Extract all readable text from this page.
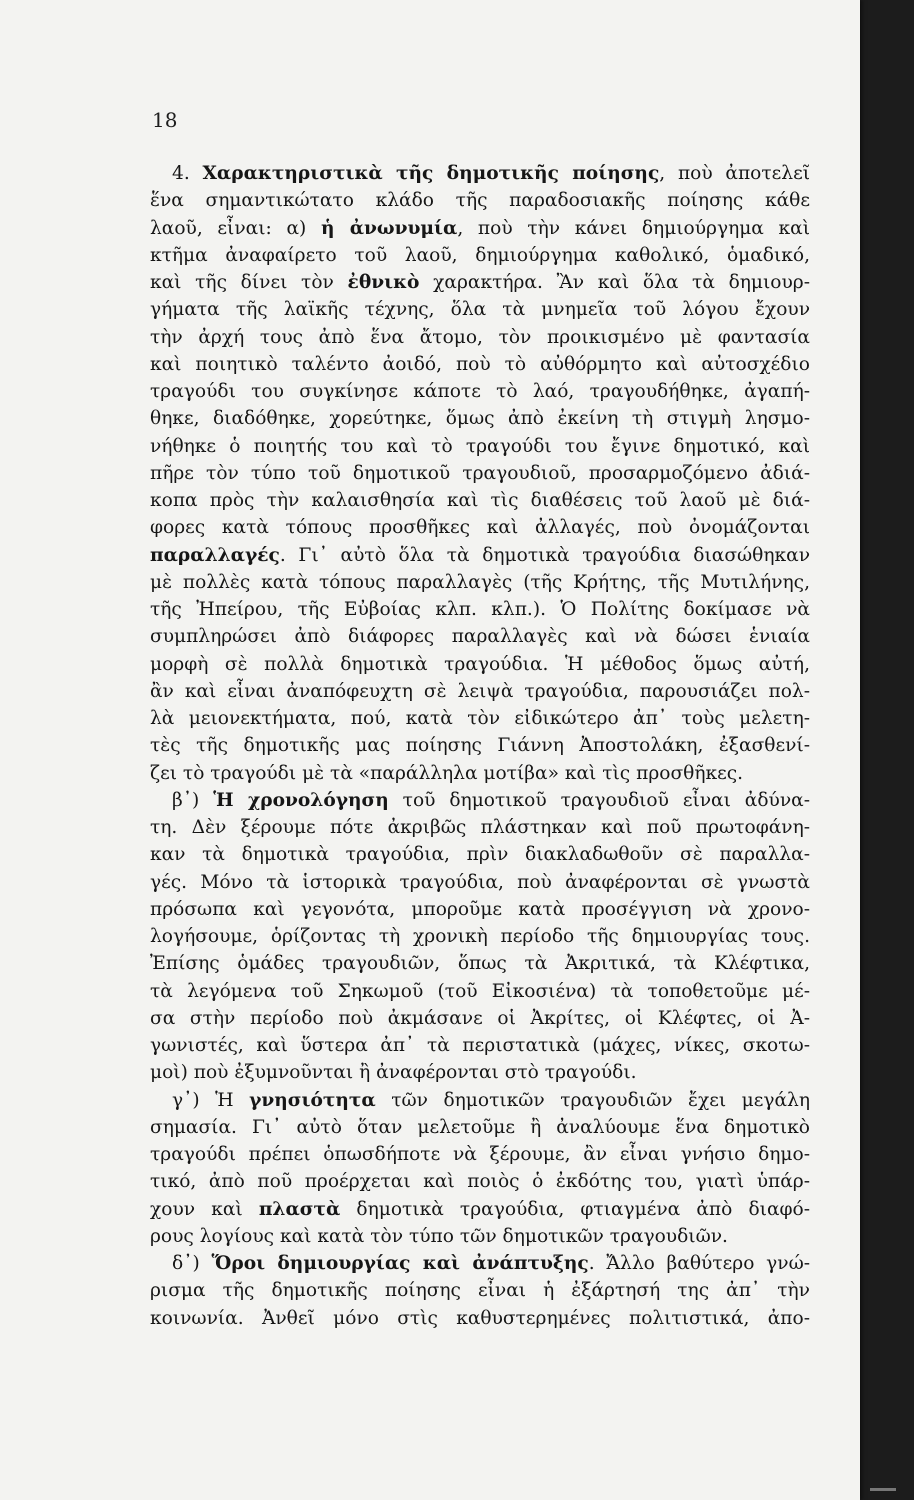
18
4. Χαρακτηριστικὰ τῆς δημοτικῆς ποίησης, ποὺ ἀποτελεῖ
ἕνα σημαντικώτατο κλάδο τῆς παραδοσιακῆς ποίησης κάθε
λαοῦ, εἶναι: α) ἡ ἀνωνυμία, ποὺ τὴν κάνει δημιούργημα καὶ
κτῆμα ἀναφαίρετο τοῦ λαοῦ, δημιούργημα καθολικό, ὁμαδικό,
καὶ τῆς δίνει τὸν ἐθνικὸ χαρακτήρα. Ἂν καὶ ὅλα τὰ δημιουρ-
γήματα τῆς λαϊκῆς τέχνης, ὅλα τὰ μνημεῖα τοῦ λόγου ἔχουν
τὴν ἀρχή τους ἀπὸ ἕνα ἄτομο, τὸν προικισμένο μὲ φαντασία
καὶ ποιητικὸ ταλέντο ἀοιδό, ποὺ τὸ αὐθόρμητο καὶ αὐτοσχέδιο
τραγούδι του συγκίνησε κάποτε τὸ λαό, τραγουδήθηκε, ἀγαπή-
θηκε, διαδόθηκε, χορεύτηκε, ὅμως ἀπὸ ἐκείνη τὴ στιγμὴ λησμο-
νήθηκε ὁ ποιητής του καὶ τὸ τραγούδι του ἔγινε δημοτικό, καὶ
πῆρε τὸν τύπο τοῦ δημοτικοῦ τραγουδιοῦ, προσαρμοζόμενο ἀδιά-
κοπα πρὸς τὴν καλαισθησία καὶ τὶς διαθέσεις τοῦ λαοῦ μὲ διά-
φορες κατὰ τόπους προσθῆκες καὶ ἀλλαγές, ποὺ ὀνομάζονται
παραλλαγές. Γι᾿ αὐτὸ ὅλα τὰ δημοτικὰ τραγούδια διασώθηκαν
μὲ πολλὲς κατὰ τόπους παραλλαγὲς (τῆς Κρήτης, τῆς Μυτιλήνης,
τῆς Ἠπείρου, τῆς Εὐβοίας κλπ. κλπ.). Ὁ Πολίτης δοκίμασε νὰ
συμπληρώσει ἀπὸ διάφορες παραλλαγὲς καὶ νὰ δώσει ἑνιαία
μορφὴ σὲ πολλὰ δημοτικὰ τραγούδια. Ἡ μέθοδος ὅμως αὐτή,
ἂν καὶ εἶναι ἀναπόφευχτη σὲ λειψὰ τραγούδια, παρουσιάζει πολ-
λὰ μειονεκτήματα, πού, κατὰ τὸν εἰδικώτερο ἀπ᾿ τοὺς μελετη-
τὲς τῆς δημοτικῆς μας ποίησης Γιάννη Ἀποστολάκη, ἐξασθενί-
ζει τὸ τραγούδι μὲ τὰ «παράλληλα μοτίβα» καὶ τὶς προσθῆκες.
β᾿) Ἡ χρονολόγηση τοῦ δημοτικοῦ τραγουδιοῦ εἶναι ἀδύνα-
τη. Δὲν ξέρουμε πότε ἀκριβῶς πλάστηκαν καὶ ποῦ πρωτοφάνη-
καν τὰ δημοτικὰ τραγούδια, πρὶν διακλαδωθοῦν σὲ παραλλα-
γές. Μόνο τὰ ἱστορικὰ τραγούδια, ποὺ ἀναφέρονται σὲ γνωστὰ
πρόσωπα καὶ γεγονότα, μποροῦμε κατὰ προσέγγιση νὰ χρονο-
λογήσουμε, ὁρίζοντας τὴ χρονικὴ περίοδο τῆς δημιουργίας τους.
Ἐπίσης ὁμάδες τραγουδιῶν, ὅπως τὰ Ἀκριτικά, τὰ Κλέφτικα,
τὰ λεγόμενα τοῦ Σηκωμοῦ (τοῦ Εἰκοσιένα) τὰ τοποθετοῦμε μέ-
σα στὴν περίοδο ποὺ ἀκμάσανε οἱ Ἀκρίτες, οἱ Κλέφτες, οἱ Ἀ-
γωνιστές, καὶ ὕστερα ἀπ᾿ τὰ περιστατικὰ (μάχες, νίκες, σκοτω-
μοὶ) ποὺ ἐξυμνοῦνται ἢ ἀναφέρονται στὸ τραγούδι.
γ᾿) Ἡ γνησιότητα τῶν δημοτικῶν τραγουδιῶν ἔχει μεγάλη
σημασία. Γι᾿ αὐτὸ ὅταν μελετοῦμε ἢ ἀναλύουμε ἕνα δημοτικὸ
τραγούδι πρέπει ὁπωσδήποτε νὰ ξέρουμε, ἂν εἶναι γνήσιο δημο-
τικό, ἀπὸ ποῦ προέρχεται καὶ ποιὸς ὁ ἐκδότης του, γιατὶ ὑπάρ-
χουν καὶ πλαστὰ δημοτικὰ τραγούδια, φτιαγμένα ἀπὸ διαφό-
ρους λογίους καὶ κατὰ τὸν τύπο τῶν δημοτικῶν τραγουδιῶν.
δ᾿) Ὅροι δημιουργίας καὶ ἀνάπτυξης. Ἄλλο βαθύτερο γνώ-
ρισμα τῆς δημοτικῆς ποίησης εἶναι ἡ ἐξάρτησή της ἀπ᾿ τὴν
κοινωνία. Ἀνθεῖ μόνο στὶς καθυστερημένες πολιτιστικά, ἀπο-
